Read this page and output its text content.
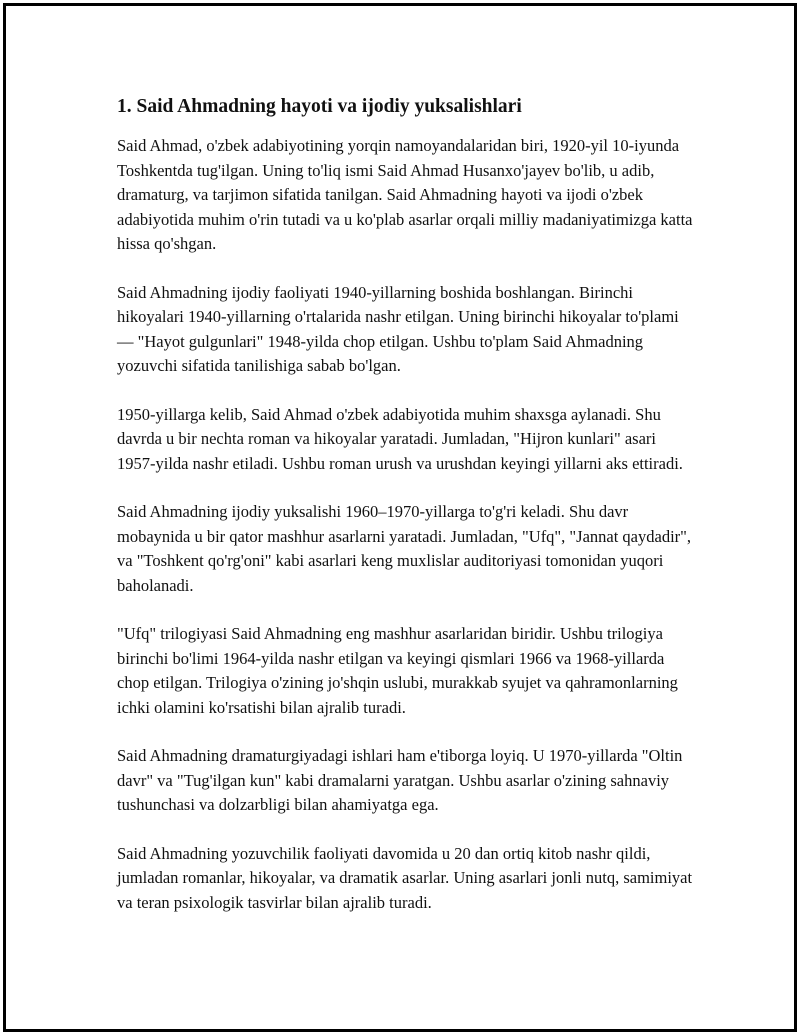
1. Said Ahmadning hayoti va ijodiy yuksalishlari

Said Ahmad, o'zbek adabiyotining yorqin namoyandalaridan biri, 1920-yil 10-iyunda Toshkentda tug'ilgan. Uning to'liq ismi Said Ahmad Husanxo'jayev bo'lib, u adib, dramaturg, va tarjimon sifatida tanilgan. Said Ahmadning hayoti va ijodi o'zbek adabiyotida muhim o'rin tutadi va u ko'plab asarlar orqali milliy madaniyatimizga katta hissa qo'shgan.

Said Ahmadning ijodiy faoliyati 1940-yillarning boshida boshlangan. Birinchi hikoyalari 1940-yillarning o'rtalarida nashr etilgan. Uning birinchi hikoyalar to'plami — "Hayot gulgunlari" 1948-yilda chop etilgan. Ushbu to'plam Said Ahmadning yozuvchi sifatida tanilishiga sabab bo'lgan.

1950-yillarga kelib, Said Ahmad o'zbek adabiyotida muhim shaxsga aylanadi. Shu davrda u bir nechta roman va hikoyalar yaratadi. Jumladan, "Hijron kunlari" asari 1957-yilda nashr etiladi. Ushbu roman urush va urushdan keyingi yillarni aks ettiradi.

Said Ahmadning ijodiy yuksalishi 1960–1970-yillarga to'g'ri keladi. Shu davr mobaynida u bir qator mashhur asarlarni yaratadi. Jumladan, "Ufq", "Jannat qaydadir", va "Toshkent qo'rg'oni" kabi asarlari keng muxlislar auditoriyasi tomonidan yuqori baholanadi.

"Ufq" trilogiyasi Said Ahmadning eng mashhur asarlaridan biridir. Ushbu trilogiya birinchi bo'limi 1964-yilda nashr etilgan va keyingi qismlari 1966 va 1968-yillarda chop etilgan. Trilogiya o'zining jo'shqin uslubi, murakkab syujet va qahramonlarning ichki olamini ko'rsatishi bilan ajralib turadi.

Said Ahmadning dramaturgiyadagi ishlari ham e'tiborga loyiq. U 1970-yillarda "Oltin davr" va "Tug'ilgan kun" kabi dramalarni yaratgan. Ushbu asarlar o'zining sahnaviy tushunchasi va dolzarbligi bilan ahamiyatga ega.

Said Ahmadning yozuvchilik faoliyati davomida u 20 dan ortiq kitob nashr qildi, jumladan romanlar, hikoyalar, va dramatik asarlar. Uning asarlari jonli nutq, samimiyat va teran psixologik tasvirlar bilan ajralib turadi.
